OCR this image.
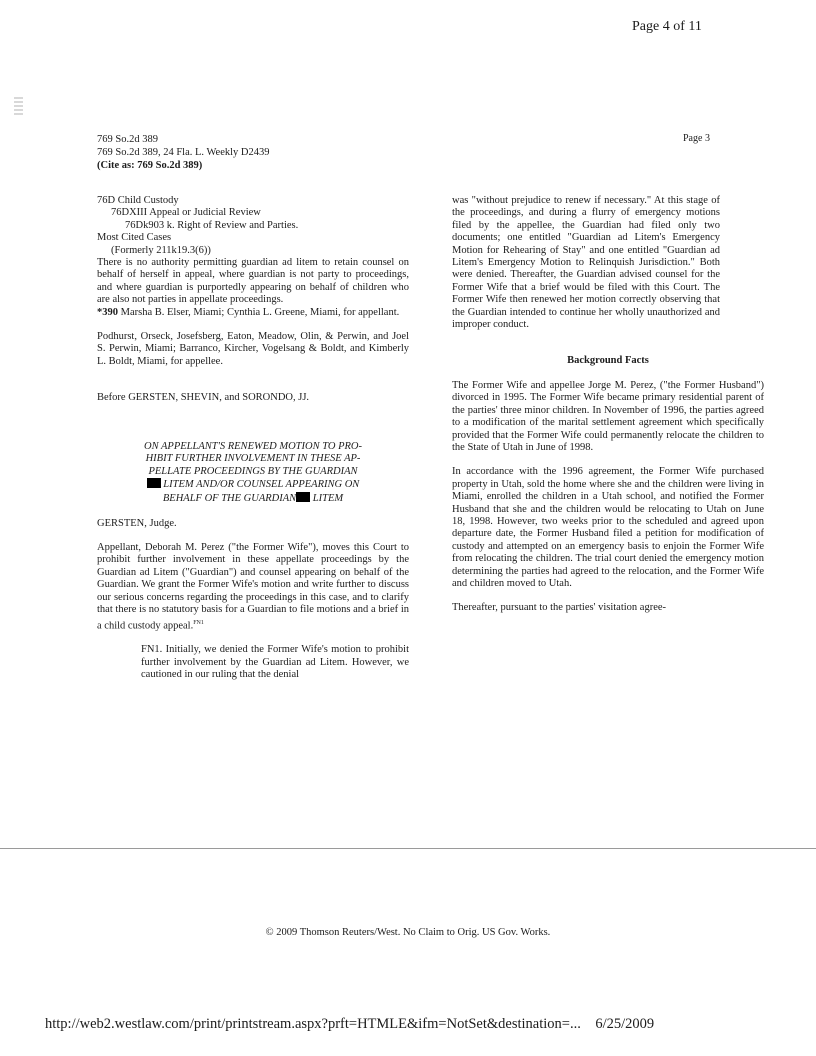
Page 4 of 11
769 So.2d 389
769 So.2d 389, 24 Fla. L. Weekly D2439
(Cite as: 769 So.2d 389)
Page 3

76D Child Custody

76DXIII Appeal or Judicial Review

76Dk903 k. Right of Review and Parties.

Most Cited Cases

(Formerly 211k19.3(6))

There is no authority permitting guardian ad litem to retain counsel on behalf of herself in appeal, where guardian is not party to proceedings, and where guardian is purportedly appearing on behalf of children who are also not parties in appellate proceedings.

*390 Marsha B. Elser, Miami; Cynthia L. Greene, Miami, for appellant.

Podhurst, Orseck, Josefsberg, Eaton, Meadow, Olin, & Perwin, and Joel S. Perwin, Miami; Barranco, Kircher, Vogelsang & Boldt, and Kimberly L. Boldt, Miami, for appellee.

Before GERSTEN, SHEVIN, and SORONDO, JJ.

ON APPELLANT'S RENEWED MOTION TO PRO-

HIBIT FURTHER INVOLVEMENT IN THESE AP-

PELLATE PROCEEDINGS BY THE GUARDIAN

LITEM AND/OR COUNSEL APPEARING ON

BEHALF OF THE GUARDIAN LITEM

GERSTEN, Judge.

Appellant, Deborah M. Perez ("the Former Wife"), moves this Court to prohibit further involvement in these appellate proceedings by the Guardian ad Litem ("Guardian") and counsel appearing on behalf of the Guardian. We grant the Former Wife's motion and write further to discuss our serious concerns regarding the proceedings in this case, and to clarify that there is no statutory basis for a Guardian to file motions and a brief in a child custody appeal.$^{FN1}$

FN1. Initially, we denied the Former Wife's motion to prohibit further involvement by the Guardian ad Litem. However, we cautioned in our ruling that the denial

was "without prejudice to renew if necessary." At this stage of the proceedings, and during a flurry of emergency motions filed by the appellee, the Guardian had filed only two documents; one entitled "Guardian ad Litem's Emergency Motion for Rehearing of Stay" and one entitled "Guardian ad Litem's Emergency Motion to Relinquish Jurisdiction." Both were denied. Thereafter, the Guardian advised counsel for the Former Wife that a brief would be filed with this Court. The Former Wife then renewed her motion correctly observing that the Guardian intended to continue her wholly unauthorized and improper conduct.

Background Facts

The Former Wife and appellee Jorge M. Perez, ("the Former Husband") divorced in 1995. The Former Wife became primary residential parent of the parties' three minor children. In November of 1996, the parties agreed to a modification of the marital settlement agreement which specifically provided that the Former Wife could permanently relocate the children to the State of Utah in June of 1998.

In accordance with the 1996 agreement, the Former Wife purchased property in Utah, sold the home where she and the children were living in Miami, enrolled the children in a Utah school, and notified the Former Husband that she and the children would be relocating to Utah on June 18, 1998. However, two weeks prior to the scheduled and agreed upon departure date, the Former Husband filed a petition for modification of custody and attempted on an emergency basis to enjoin the Former Wife from relocating the children. The trial court denied the emergency motion determining the parties had agreed to the relocation, and the Former Wife and children moved to Utah.

Thereafter, pursuant to the parties' visitation agree-

© 2009 Thomson Reuters/West. No Claim to Orig. US Gov. Works.
http://web2.westlaw.com/print/printstream.aspx?prft=HTMLE&ifm=NotSet&destination=... 6/25/2009
